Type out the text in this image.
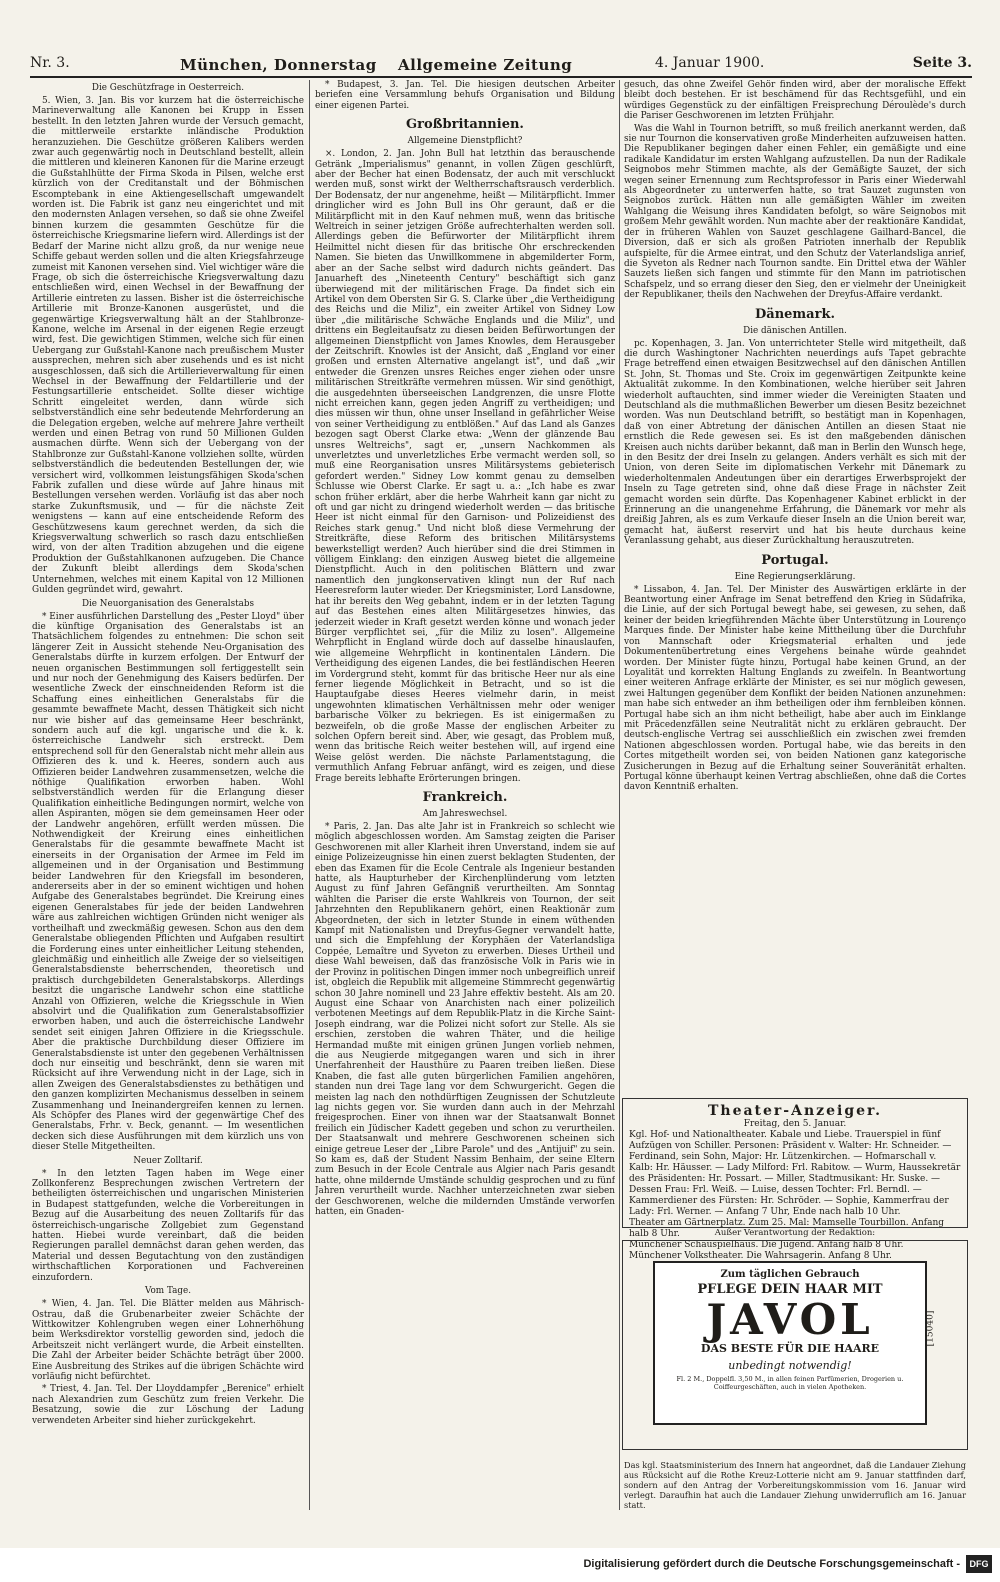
Nr. 3.	München, Donnerstag Allgemeine Zeitung	4. Januar 1900.	Seite 3.
Die Geschützfrage in Oesterreich.

5. Wien, 3. Jan. Bis vor kurzem hat die österreichische Marineverwaltung alle Kanonen bei Krupp in Essen bestellt. In den letzten Jahren wurde der Versuch gemacht, die mittlerweile erstarkte inländische Produktion heranzuziehen. Die Geschütze größeren Kalibers werden zwar auch gegenwärtig noch in Deutschland bestellt, allein die mittleren und kleineren Kanonen für die Marine erzeugt die Gußstahlhütte der Firma Skoda in Pilsen, welche erst kürzlich von der Creditanstalt und der Böhmischen Escomptebank in eine Aktiengesellschaft umgewandelt worden ist. Die Fabrik ist ganz neu eingerichtet und mit den modernsten Anlagen versehen, so daß sie ohne Zweifel binnen kurzem die gesammten Geschütze für die österreichische Kriegsmarine liefern wird. Allerdings ist der Bedarf der Marine nicht allzu groß, da nur wenige neue Schiffe gebaut werden sollen und die alten Kriegsfahrzeuge zumeist mit Kanonen versehen sind. Viel wichtiger wäre die Frage, ob sich die österreichische Kriegsverwaltung dazu entschließen wird, einen Wechsel in der Bewaffnung der Artillerie eintreten zu lassen. Bisher ist die österreichische Artillerie mit Bronze-Kanonen ausgerüstet, und die gegenwärtige Kriegsverwaltung hält an der Stahlbronze-Kanone, welche im Arsenal in der eigenen Regie erzeugt wird, fest. Die gewichtigen Stimmen, welche sich für einen Uebergang zur Gußstahl-Kanone nach preußischem Muster aussprechen, mehren sich aber zusehends und es ist nicht ausgeschlossen, daß sich die Artillerieverwaltung für einen Wechsel in der Bewaffnung der Feldartillerie und der Festungsartillerie entscheidet. Sollte dieser wichtige Schritt eingeleitet werden, dann würde sich selbstverständlich eine sehr bedeutende Mehrforderung an die Delegation ergeben, welche auf mehrere Jahre vertheilt werden und einen Betrag von rund 50 Millionen Gulden ausmachen dürfte. Wenn sich der Uebergang von der Stahlbronze zur Gußstahl-Kanone vollziehen sollte, würden selbstverständlich die bedeutenden Bestellungen der, wie versichert wird, vollkommen leistungsfähigen Skoda'schen Fabrik zufallen und diese würde auf Jahre hinaus mit Bestellungen versehen werden. Vorläufig ist das aber noch starke Zukunftsmusik, und — für die nächste Zeit wenigstens — kann auf eine entscheidende Reform des Geschützwesens kaum gerechnet werden, da sich die Kriegsverwaltung schwerlich so rasch dazu entschließen wird, von der alten Tradition abzugehen und die eigene Produktion der Gußstahlkanonen aufzugeben. Die Chance der Zukunft bleibt allerdings dem Skoda'schen Unternehmen, welches mit einem Kapital von 12 Millionen Gulden gegründet wird, gewahrt.

Die Neuorganisation des Generalstabs

* Einer ausführlichen Darstellung des „Pester Lloyd" über die künftige Organisation des Generalstabs ist an Thatsächlichem folgendes zu entnehmen: Die schon seit längerer Zeit in Aussicht stehende Neu-Organisation des Generalstabs dürfte in kurzem erfolgen. Der Entwurf der neuen organischen Bestimmungen soll fertiggestellt sein und nur noch der Genehmigung des Kaisers bedürfen. Der wesentliche Zweck der einschneidenden Reform ist die Schaffung eines einheitlichen Generalstabs für die gesammte bewaffnete Macht, dessen Thätigkeit sich nicht nur wie bisher auf das gemeinsame Heer beschränkt, sondern auch auf die kgl. ungarische und die k. k. österreichische Landwehr sich erstreckt. Dem entsprechend soll für den Generalstab nicht mehr allein aus Offizieren des k. und k. Heeres, sondern auch aus Offizieren beider Landwehren zusammensetzen, welche die nöthige Qualifikation erworben haben. Wohl selbstverständlich werden für die Erlangung dieser Qualifikation einheitliche Bedingungen normirt, welche von allen Aspiranten, mögen sie dem gemeinsamen Heer oder der Landwehr angehören, erfüllt werden müssen. Die Nothwendigkeit der Kreirung eines einheitlichen Generalstabs für die gesammte bewaffnete Macht ist einerseits in der Organisation der Armee im Feld im allgemeinen und in der Organisation und Bestimmung beider Landwehren für den Kriegsfall im besonderen, andererseits aber in der so eminent wichtigen und hohen Aufgabe des Generalstabes begründet. Die Kreirung eines eigenen Generalstabes für jede der beiden Landwehren wäre aus zahlreichen wichtigen Gründen nicht weniger als vortheilhaft und zweckmäßig gewesen. Schon aus den dem Generalstabe obliegenden Pflichten und Aufgaben resultirt die Forderung eines unter einheitlicher Leitung stehenden, gleichmäßig und einheitlich alle Zweige der so vielseitigen Generalstabsdienste beherrschenden, theoretisch und praktisch durchgebildeten Generalstabskorps. Allerdings besitzt die ungarische Landwehr schon eine stattliche Anzahl von Offizieren, welche die Kriegsschule in Wien absolvirt und die Qualifikation zum Generalstabsoffizier erworben haben, und auch die österreichische Landwehr sendet seit einigen Jahren Offiziere in die Kriegsschule. Aber die praktische Durchbildung dieser Offiziere im Generalstabsdienste ist unter den gegebenen Verhältnissen doch nur einseitig und beschränkt, denn sie waren mit Rücksicht auf ihre Verwendung nicht in der Lage, sich in allen Zweigen des Generalstabsdienstes zu bethätigen und den ganzen komplizirten Mechanismus desselben in seinem Zusammenhang und Ineinandergreifen kennen zu lernen. Als Schöpfer des Planes wird der gegenwärtige Chef des Generalstabs, Frhr. v. Beck, genannt. — Im wesentlichen decken sich diese Ausführungen mit dem kürzlich uns von dieser Stelle Mitgetheilten.

Neuer Zolltarif.

* In den letzten Tagen haben im Wege einer Zollkonferenz Besprechungen zwischen Vertretern der betheiligten österreichischen und ungarischen Ministerien in Budapest stattgefunden, welche die Vorbereitungen in Bezug auf die Ausarbeitung des neuen Zolltarifs für das österreichisch-ungarische Zollgebiet zum Gegenstand hatten. Hiebei wurde vereinbart, daß die beiden Regierungen parallel demnächst daran gehen werden, das Material und dessen Begutachtung von den zuständigen wirthschaftlichen Korporationen und Fachvereinen einzufordern.

Vom Tage.

* Wien, 4. Jan. Tel. Die Blätter melden aus Mährisch-Ostrau, daß die Grubenarbeiter zweier Schächte der Wittkowitzer Kohlengruben wegen einer Lohnerhöhung beim Werksdirektor vorstellig geworden sind, jedoch die Arbeitszeit nicht verlängert wurde, die Arbeit einstellten. Die Zahl der Arbeiter beider Schächte beträgt über 2000. Eine Ausbreitung des Strikes auf die übrigen Schächte wird vorläufig nicht befürchtet.

* Triest, 4. Jan. Tel. Der Lloyddampfer „Berenice" erhielt nach Alexandrien zum Geschütz zum freien Verkehr. Die Besatzung, sowie die zur Löschung der Ladung verwendeten Arbeiter sind hieher zurückgekehrt.

* Budapest, 3. Jan. Tel. Die hiesigen deutschen Arbeiter beriefen eine Versammlung behufs Organisation und Bildung einer eigenen Partei.

Großbritannien.
Allgemeine Dienstpflicht?

×. London, 2. Jan. John Bull hat letzthin das berauschende Getränk „Imperialismus" genannt, in vollen Zügen geschlürft, aber der Becher hat einen Bodensatz, der auch mit verschluckt werden muß, sonst wirkt der Weltherrschaftsrausch verderblich. Der Bodensatz, der nur angenehme, heißt — Militärpflicht. Immer dringlicher wird es John Bull ins Ohr geraunt, daß er die Militärpflicht mit in den Kauf nehmen muß, wenn das britische Weltreich in seiner jetzigen Größe aufrechterhalten werden soll. Allerdings geben die Befürworter der Militärpflicht ihrem Heilmittel nicht diesen für das britische Ohr erschreckenden Namen. Sie bieten das Unwillkommene in abgemilderter Form, aber an der Sache selbst wird dadurch nichts geändert. Das Januarheft des „Nineteenth Century" beschäftigt sich ganz überwiegend mit der militärischen Frage. Da findet sich ein Artikel von dem Obersten Sir G. S. Clarke über „die Vertheidigung des Reichs und die Miliz", ein zweiter Artikel von Sidney Low über „die militärische Schwäche Englands und die Miliz", und drittens ein Begleitaufsatz zu diesen beiden Befürwortungen der allgemeinen Dienstpflicht von James Knowles, dem Herausgeber der Zeitschrift. Knowles ist der Ansicht, daß „England vor einer großen und ernsten Alternative angelangt ist", und daß „wir entweder die Grenzen unsres Reiches enger ziehen oder unsre militärischen Streitkräfte vermehren müssen. Wir sind genöthigt, die ausgedehnten überseeischen Landgrenzen, die unsre Flotte nicht erreichen kann, gegen jeden Angriff zu vertheidigen; und dies müssen wir thun, ohne unser Inselland in gefährlicher Weise von seiner Vertheidigung zu entblößen." Auf das Land als Ganzes bezogen sagt Oberst Clarke etwa: „Wenn der glänzende Bau unsres Weltreichs", sagt er, „unsern Nachkommen als unverletztes und unverletzliches Erbe vermacht werden soll, so muß eine Reorganisation unsres Militärsystems gebieterisch gefordert werden." Sidney Low kommt genau zu demselben Schlusse wie Oberst Clarke. Er sagt u. a.: „Ich habe es zwar schon früher erklärt, aber die herbe Wahrheit kann gar nicht zu oft und gar nicht zu dringend wiederholt werden — das britische Heer ist nicht einmal für den Garnison- und Polizeidienst des Reiches stark genug." Und nicht bloß diese Vermehrung der Streitkräfte, diese Reform des britischen Militärsystems bewerkstelligt werden? Auch hierüber sind die drei Stimmen in völligem Einklang: den einzigen Ausweg bietet die allgemeine Dienstpflicht. Auch in den politischen Blättern und zwar namentlich den jungkonservativen klingt nun der Ruf nach Heeresreform lauter wieder. Der Kriegsminister, Lord Lansdowne, hat ihr bereits den Weg gebahnt, indem er in der letzten Tagung auf das Bestehen eines alten Militärgesetzes hinwies, das jederzeit wieder in Kraft gesetzt werden könne und wonach jeder Bürger verpflichtet sei, „für die Miliz zu losen". Allgemeine Wehrpflicht in England würde doch auf dasselbe hinauslaufen, wie allgemeine Wehrpflicht in kontinentalen Ländern. Die Vertheidigung des eigenen Landes, die bei festländischen Heeren im Vordergrund steht, kommt für das britische Heer nur als eine ferner liegende Möglichkeit in Betracht, und so ist die Hauptaufgabe dieses Heeres vielmehr darin, in meist ungewohnten klimatischen Verhältnissen mehr oder weniger barbarische Völker zu bekriegen. Es ist einigermaßen zu bezweifeln, ob die große Masse der englischen Arbeiter zu solchen Opfern bereit sind. Aber, wie gesagt, das Problem muß, wenn das britische Reich weiter bestehen will, auf irgend eine Weise gelöst werden. Die nächste Parlamentstagung, die vermuthlich Anfang Februar anfängt, wird es zeigen, und diese Frage bereits lebhafte Erörterungen bringen.

Frankreich.
Am Jahreswechsel.

* Paris, 2. Jan. Das alte Jahr ist in Frankreich so schlecht wie möglich abgeschlossen worden. Am Samstag zeigten die Pariser Geschworenen mit aller Klarheit ihren Unverstand, indem sie auf einige Polizeizeugnisse hin einen zuerst beklagten Studenten, der eben das Examen für die Ecole Centrale als Ingenieur bestanden hatte, als Haupturheber der Kirchenplünderung vom letzten August zu fünf Jahren Gefängniß verurtheilten. Am Sonntag wählten die Pariser die erste Wahlkreis von Tournon, der seit Jahrzehnten den Republikanern gehört, einen Reaktionär zum Abgeordneten, der sich in letzter Stunde in einem wüthenden Kampf mit Nationalisten und Dreyfus-Gegner verwandelt hatte, und sich die Empfehlung der Koryphäen der Vaterlandsliga Coppée, Lemaître und Syveton zu erwerben. Dieses Urtheil und diese Wahl beweisen, daß das französische Volk in Paris wie in der Provinz in politischen Dingen immer noch unbegreiflich unreif ist, obgleich die Republik mit allgemeine Stimmrecht gegenwärtig schon 30 Jahre nominell und 23 Jahre effektiv besteht. Als am 20. August eine Schaar von Anarchisten nach einer polizeilich verbotenen Meetings auf dem Republik-Platz in die Kirche Saint-Joseph eindrang, war die Polizei nicht sofort zur Stelle. Als sie erschien, zerstoben die wahren Thäter, und die heilige Hermandad mußte mit einigen grünen Jungen vorlieb nehmen, die aus Neugierde mitgegangen waren und sich in ihrer Unerfahrenheit der Hausthüre zu Paaren treiben ließen. Diese Knaben, die fast alle guten bürgerlichen Familien angehören, standen nun drei Tage lang vor dem Schwurgericht. Gegen die meisten lag nach den nothdürftigen Zeugnissen der Schutzleute lag nichts gegen vor. Sie wurden dann auch in der Mehrzahl freigesprochen. Einer von ihnen war der Staatsanwalt Bonnet freilich ein Jüdischer Kadett gegeben und schon zu verurtheilen. Der Staatsanwalt und mehrere Geschworenen scheinen sich einige getreue Leser der „Libre Parole" und des „Antijuif" zu sein. So kam es, daß der Student Nassim Benhaim, der seine Eltern zum Besuch in der Ecole Centrale aus Algier nach Paris gesandt hatte, ohne mildernde Umstände schuldig gesprochen und zu fünf Jahren verurtheilt wurde. Nachher unterzeichneten zwar sieben der Geschworenen, welche die mildernden Umstände verworfen hatten, ein Gnaden-

gesuch, das ohne Zweifel Gehör finden wird, aber der moralische Effekt bleibt doch bestehen. Er ist beschämend für das Rechtsgefühl, und ein würdiges Gegenstück zu der einfältigen Freisprechung Déroulède's durch die Pariser Geschworenen im letzten Frühjahr.

Was die Wahl in Tournon betrifft, so muß freilich anerkannt werden, daß sie nur Tournon die konservativen große Minderheiten aufzuweisen hatten. Die Republikaner begingen daher einen Fehler, ein gemäßigte und eine radikale Kandidatur im ersten Wahlgang aufzustellen. Da nun der Radikale Seignobos mehr Stimmen machte, als der Gemäßigte Sauzet, der sich wegen seiner Ernennung zum Rechtsprofessor in Paris einer Wiederwahl als Abgeordneter zu unterwerfen hatte, so trat Sauzet zugunsten von Seignobos zurück. Hätten nun alle gemäßigten Wähler im zweiten Wahlgang die Weisung ihres Kandidaten befolgt, so wäre Seignobos mit großem Mehr gewählt worden. Nun machte aber der reaktionäre Kandidat, der in früheren Wahlen von Sauzet geschlagene Gailhard-Bancel, die Diversion, daß er sich als großen Patrioten innerhalb der Republik aufspielte, für die Armee eintrat, und den Schutz der Vaterlandsliga anrief, die Syveton als Redner nach Tournon sandte. Ein Drittel etwa der Wähler Sauzets ließen sich fangen und stimmte für den Mann im patriotischen Schafspelz, und so errang dieser den Sieg, den er vielmehr der Uneinigkeit der Republikaner, theils den Nachwehen der Dreyfus-Affaire verdankt.

Dänemark.
Die dänischen Antillen.

pc. Kopenhagen, 3. Jan. Von unterrichteter Stelle wird mitgetheilt, daß die durch Washingtoner Nachrichten neuerdings aufs Tapet gebrachte Frage betreffend einen etwaigen Besitzwechsel auf den dänischen Antillen St. John, St. Thomas und Ste. Croix im gegenwärtigen Zeitpunkte keine Aktualität zukomme. In den Kombinationen, welche hierüber seit Jahren wiederholt auftauchten, sind immer wieder die Vereinigten Staaten und Deutschland als die muthmaßlichen Bewerber um diesen Besitz bezeichnet worden. Was nun Deutschland betrifft, so bestätigt man in Kopenhagen, daß von einer Abtretung der dänischen Antillen an diesen Staat nie ernstlich die Rede gewesen sei. Es ist den maßgebenden dänischen Kreisen auch nichts darüber bekannt, daß man in Berlin den Wunsch hege, in den Besitz der drei Inseln zu gelangen. Anders verhält es sich mit der Union, von deren Seite im diplomatischen Verkehr mit Dänemark zu wiederholtenmalen Andeutungen über ein derartiges Erwerbsprojekt der Inseln zu Tage getreten sind, ohne daß diese Frage in nächster Zeit gemacht worden sein dürfte. Das Kopenhagener Kabinet erblickt in der Erinnerung an die unangenehme Erfahrung, die Dänemark vor mehr als dreißig Jahren, als es zum Verkaufe dieser Inseln an die Union bereit war, gemacht hat, äußerst reservirt und hat bis heute durchaus keine Veranlassung gehabt, aus dieser Zurückhaltung herauszutreten.

Portugal.
Eine Regierungserklärung.

* Lissabon, 4. Jan. Tel. Der Minister des Auswärtigen erklärte in der Beantwortung einer Anfrage im Senat betreffend den Krieg in Südafrika, die Linie, auf der sich Portugal bewegt habe, sei gewesen, zu sehen, daß keiner der beiden kriegführenden Mächte über Unterstützung in Lourenço Marques finde. Der Minister habe keine Mittheilung über die Durchfuhr von Mannschaft oder Kriegsmaterial erhalten und jede Dokumentenübertretung eines Vergehens beinahe würde geahndet worden. Der Minister fügte hinzu, Portugal habe keinen Grund, an der Loyalität und korrekten Haltung Englands zu zweifeln. In Beantwortung einer weiteren Anfrage erklärte der Minister, es sei nur möglich gewesen, zwei Haltungen gegenüber dem Konflikt der beiden Nationen anzunehmen: man habe sich entweder an ihm betheiligen oder ihm fernbleiben können. Portugal habe sich an ihm nicht betheiligt, habe aber auch im Einklange mit Präcedenzfällen seine Neutralität nicht zu erklären gebraucht. Der deutsch-englische Vertrag sei ausschließlich ein zwischen zwei fremden Nationen abgeschlossen worden. Portugal habe, wie das bereits in den Cortes mitgetheilt worden sei, von beiden Nationen ganz kategorische Zusicherungen in Bezug auf die Erhaltung seiner Souveränität erhalten. Portugal könne überhaupt keinen Vertrag abschließen, ohne daß die Cortes davon Kenntniß erhalten.

Theater-Anzeiger.
Freitag, den 5. Januar.
Kgl. Hof- und Nationaltheater. Kabale und Liebe. Trauerspiel in fünf Aufzügen von Schiller. Personen: Präsident v. Walter: Hr. Schneider. — Ferdinand, sein Sohn, Major: Hr. Lützenkirchen. — Hofmarschall v. Kalb: Hr. Häusser. — Lady Milford: Frl. Rabitow. — Wurm, Haussekretär des Präsidenten: Hr. Possart. — Miller, Stadtmusikant: Hr. Suske. — Dessen Frau: Frl. Weiß. — Luise, dessen Tochter: Frl. Berndl. — Kammerdiener des Fürsten: Hr. Schröder. — Sophie, Kammerfrau der Lady: Frl. Werner. — Anfang 7 Uhr, Ende nach halb 10 Uhr.
Theater am Gärtnerplatz. Zum 25. Mal: Mamselle Tourbillon. Anfang halb 8 Uhr.
Münchener Schauspielhaus. Die Jugend. Anfang halb 8 Uhr.
Münchener Volkstheater. Die Wahrsagerin. Anfang 8 Uhr.
Außer Verantwortung der Redaktion:
Zum täglichen Gebrauch
PFLEGE DEIN HAAR MIT
JAVOL
DAS BESTE FÜR DIE HAARE
unbedingt notwendig!
Fl. 2 M., Doppelfl. 3,50 M., in allen feinen Parfümerien, Drogerien u. Coiffeurgeschäften, auch in vielen Apotheken.
[15040]
Das kgl. Staatsministerium des Innern hat angeordnet, daß die Landauer Ziehung aus Rücksicht auf die Rothe Kreuz-Lotterie nicht am 9. Januar stattfinden darf, sondern auf den Antrag der Vorbereitungskommission vom 16. Januar wird verlegt. Daraufhin hat auch die Landauer Ziehung unwiderruflich am 16. Januar statt.
Digitalisierung gefördert durch die Deutsche Forschungsgemeinschaft -	DFG
